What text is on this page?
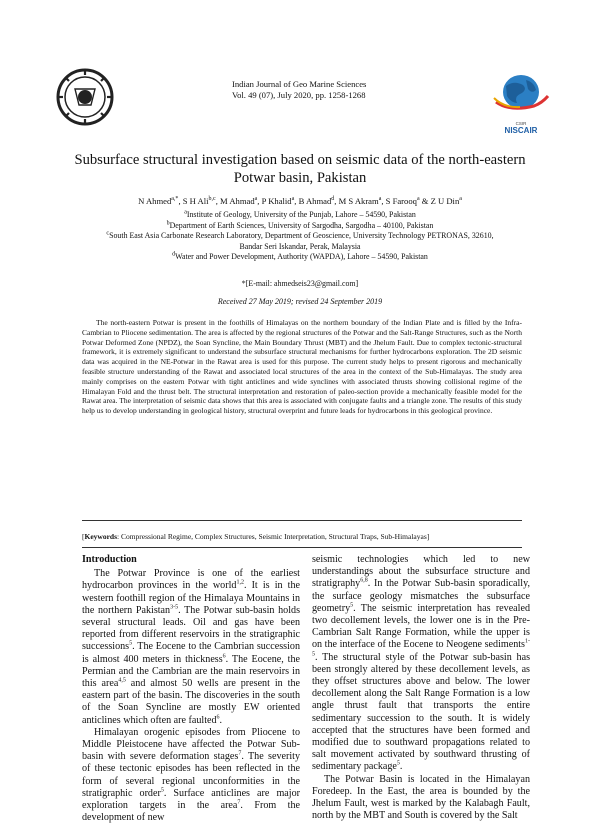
CSIR
NISCAIR
Indian Journal of Geo Marine Sciences
Vol. 49 (07), July 2020, pp. 1258-1268
Subsurface structural investigation based on seismic data of the north-eastern
Potwar basin, Pakistan
N Ahmed$^{a,*}$, S H Ali$^{b,c}$, M Ahmad$^a$, P Khalid$^a$, B Ahmad$^d$, M S Akram$^a$, S Farooq$^a$ & Z U Din$^a$
$^a$Institute of Geology, University of the Punjab, Lahore – 54590, Pakistan
$^b$Department of Earth Sciences, University of Sargodha, Sargodha – 40100, Pakistan
$^c$South East Asia Carbonate Research Laboratory, Department of Geoscience, University Technology PETRONAS, 32610,
Bandar Seri Iskandar, Perak, Malaysia
$^d$Water and Power Development, Authority (WAPDA), Lahore – 54590, Pakistan
*[E-mail: ahmedseis23@gmail.com]
Received 27 May 2019; revised 24 September 2019
The north-eastern Potwar is present in the foothills of Himalayas on the northern boundary of the Indian Plate and is filled by the Infra-Cambrian to Pliocene sedimentation. The area is affected by the regional structures of the Potwar and the Salt-Range Structures, such as the North Potwar Deformed Zone (NPDZ), the Soan Syncline, the Main Boundary Thrust (MBT) and the Jhelum Fault. Due to complex tectonic-structural framework, it is extremely significant to understand the subsurface structural mechanisms for further hydrocarbons exploration. The 2D seismic data was acquired in the NE-Potwar in the Rawat area is used for this purpose. The current study helps to present rigorous and mechanically feasible structure understanding of the Rawat and associated local structures of the area in the context of the Sub-Himalayas. The study area mainly comprises on the eastern Potwar with tight anticlines and wide synclines with associated thrusts showing collisional regime of the Himalayan Fold and the thrust belt. The structural interpretation and restoration of paleo-section provide a mechanically feasible model for the Rawat area. The interpretation of seismic data shows that this area is associated with conjugate faults and a triangle zone. The results of this study help us to develop understanding in geological history, structural overprint and future leads for hydrocarbons in this geological province.
[Keywords: Compressional Regime, Complex Structures, Seismic Interpretation, Structural Traps, Sub-Himalayas]
Introduction

The Potwar Province is one of the earliest hydrocarbon provinces in the world$^{1,2}$. It is in the western foothill region of the Himalaya Mountains in the northern Pakistan$^{3-5}$. The Potwar sub-basin holds several structural leads. Oil and gas have been reported from different reservoirs in the stratigraphic successions$^5$. The Eocene to the Cambrian succession is almost 400 meters in thickness$^6$. The Eocene, the Permian and the Cambrian are the main reservoirs in this area$^{4,5}$ and almost 50 wells are present in the eastern part of the basin. The discoveries in the south of the Soan Syncline are mostly EW oriented anticlines which often are faulted$^6$.

Himalayan orogenic episodes from Pliocene to Middle Pleistocene have affected the Potwar Sub-basin with severe deformation stages$^7$. The severity of these tectonic episodes has been reflected in the form of several regional unconformities in the stratigraphic order$^5$. Surface anticlines are major exploration targets in the area$^7$. From the development of new

seismic technologies which led to new understandings about the subsurface structure and stratigraphy$^{6,8}$. In the Potwar Sub-basin sporadically, the surface geology mismatches the subsurface geometry$^5$. The seismic interpretation has revealed two decollement levels, the lower one is in the Pre-Cambrian Salt Range Formation, while the upper is on the interface of the Eocene to Neogene sediments$^{1-5}$. The structural style of the Potwar sub-basin has been strongly altered by these decollement levels, as they offset structures above and below. The lower decollement along the Salt Range Formation is a low angle thrust fault that transports the entire sedimentary succession to the south. It is widely accepted that the structures have been formed and modified due to southward propagations related to salt movement activated by southward thrusting of sedimentary package$^5$.

The Potwar Basin is located in the Himalayan Foredeep. In the East, the area is bounded by the Jhelum Fault, west is marked by the Kalabagh Fault, north by the MBT and South is covered by the Salt
